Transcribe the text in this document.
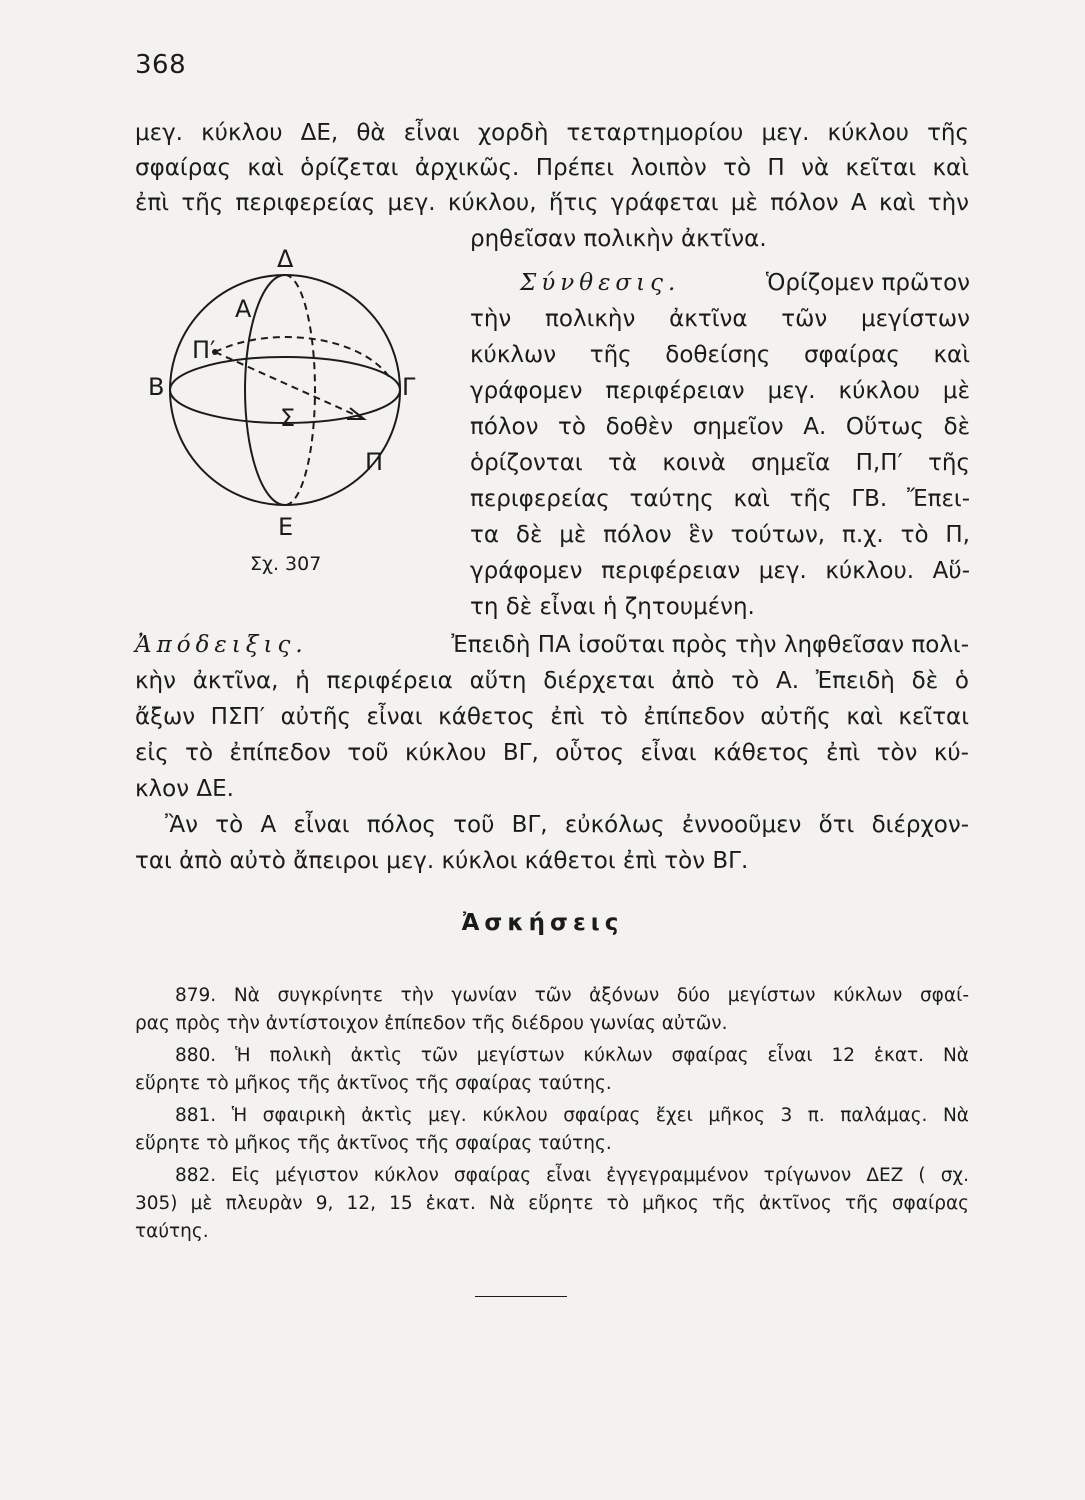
368
μεγ. κύκλου ΔΕ, θὰ εἶναι χορδὴ τεταρτημορίου μεγ. κύκλου τῆς
σφαίρας καὶ ὁρίζεται ἀρχικῶς. Πρέπει λοιπὸν τὸ Π νὰ κεῖται καὶ
ἐπὶ τῆς περιφερείας μεγ. κύκλου, ἥτις γράφεται μὲ πόλον Α καὶ τὴν
ρηθεῖσαν πολικὴν ἀκτῖνα.
Δ
Α
Π′
Β	Γ
Σ
Π
Ε
Σχ. 307
Σύνθεσις.	Ὁρίζομεν πρῶτον
τὴν πολικὴν ἀκτῖνα τῶν μεγίστων
κύκλων τῆς δοθείσης σφαίρας καὶ
γράφομεν περιφέρειαν μεγ. κύκλου μὲ
πόλον τὸ δοθὲν σημεῖον Α. Οὕτως δὲ
ὁρίζονται τὰ κοινὰ σημεῖα Π,Π′ τῆς
περιφερείας ταύτης καὶ τῆς ΓΒ. Ἔπει-
τα δὲ μὲ πόλον ἓν τούτων, π.χ. τὸ Π,
γράφομεν περιφέρειαν μεγ. κύκλου. Αὕ-
τη δὲ εἶναι ἡ ζητουμένη.
Ἀπόδειξις.	Ἐπειδὴ ΠΑ ἰσοῦται πρὸς τὴν ληφθεῖσαν πολι-
κὴν ἀκτῖνα, ἡ περιφέρεια αὕτη διέρχεται ἀπὸ τὸ Α. Ἐπειδὴ δὲ ὁ
ἄξων ΠΣΠ′ αὐτῆς εἶναι κάθετος ἐπὶ τὸ ἐπίπεδον αὐτῆς καὶ κεῖται
εἰς τὸ ἐπίπεδον τοῦ κύκλου ΒΓ, οὗτος εἶναι κάθετος ἐπὶ τὸν κύ-
κλον ΔΕ.
Ἂν τὸ Α εἶναι πόλος τοῦ ΒΓ, εὐκόλως ἐννοοῦμεν ὅτι διέρχον-
ται ἀπὸ αὐτὸ ἄπειροι μεγ. κύκλοι κάθετοι ἐπὶ τὸν ΒΓ.
Ἀσκήσεις
879. Νὰ συγκρίνητε τὴν γωνίαν τῶν ἀξόνων δύο μεγίστων κύκλων σφαί-
ρας πρὸς τὴν ἀντίστοιχον ἐπίπεδον τῆς διέδρου γωνίας αὐτῶν.
880. Ἡ πολικὴ ἀκτὶς τῶν μεγίστων κύκλων σφαίρας εἶναι 12 ἑκατ. Νὰ
εὕρητε τὸ μῆκος τῆς ἀκτῖνος τῆς σφαίρας ταύτης.
881. Ἡ σφαιρικὴ ἀκτὶς μεγ. κύκλου σφαίρας ἔχει μῆκος 3 π. παλάμας. Νὰ
εὕρητε τὸ μῆκος τῆς ἀκτῖνος τῆς σφαίρας ταύτης.
882. Εἰς μέγιστον κύκλον σφαίρας εἶναι ἐγγεγραμμένον τρίγωνον ΔΕΖ ( σχ.
305) μὲ πλευρὰν 9, 12, 15 ἑκατ. Νὰ εὕρητε τὸ μῆκος τῆς ἀκτῖνος τῆς σφαίρας
ταύτης.
